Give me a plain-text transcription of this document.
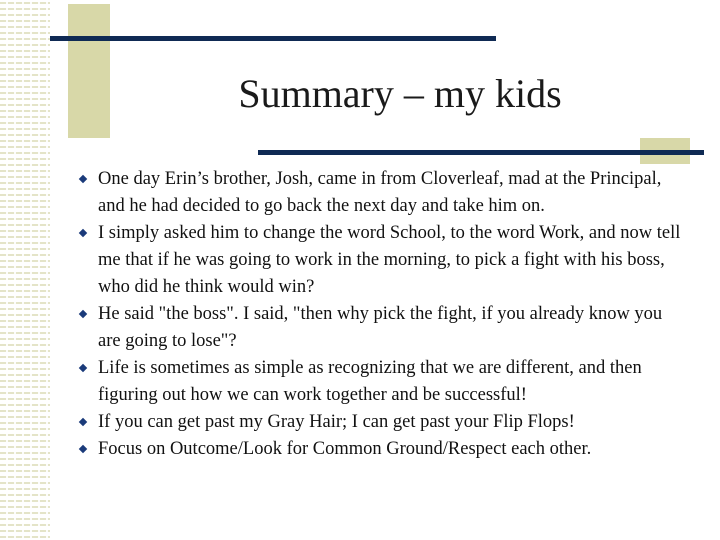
Summary – my kids
One day Erin’s brother, Josh, came in from Cloverleaf, mad at the Principal, and he had decided to go back the next day and take him on.
I simply asked him to change the word School, to the word Work, and now tell me that if he was going to work in the morning, to pick a fight with his boss, who did he think would win?
He said "the boss". I said, "then why pick the fight, if you already know you are going to lose"?
Life is sometimes as simple as recognizing that we are different, and then figuring out how we can work together and be successful!
If you can get past my Gray Hair; I can get past your Flip Flops!
Focus on Outcome/Look for Common Ground/Respect each other.
